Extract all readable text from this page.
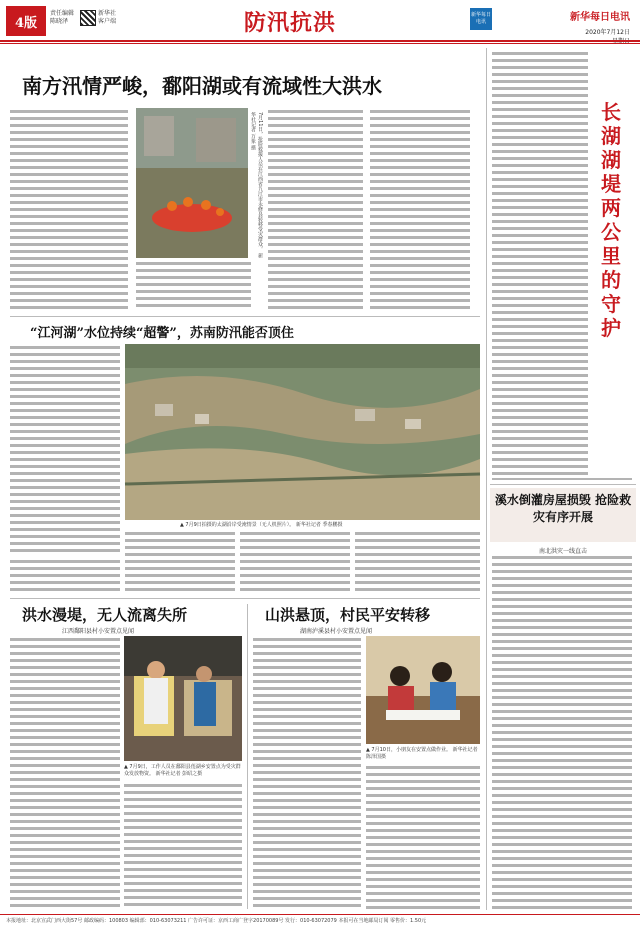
4版
责任编辑
陈晓泽
新华社
客户端	防汛抗洪	新华每日电讯	新华每日电讯
2020年7月12日
南方汛情严峻，鄱阳湖或有流域性大洪水
7月11日，抢险救援人员在江西省九江市永修县转移受灾群众。 新华社记者 万象 摄
“江河湖”水位持续“超警”，苏南防汛能否顶住
▲ 7月9日拍摄的太湖沿岸受淹情景（无人机照片）。 新华社记者 季春鹏摄
洪水漫堤，无人流离失所
江西鄱阳县村小安置点见闻
▲ 7月9日，工作人员在鄱阳县莲湖乡安置点为受灾群众发放物资。 新华社记者 彭昭之摄
山洪悬顶，村民平安转移
湖南泸溪县村小安置点见闻
▲ 7月10日，小朋友在安置点做作业。 新华社记者 陈泽国摄
长湖湖堤两公里的守护
溪水倒灌房屋损毁 抢险救灾有序开展
南北洪灾一线直击
本报地址：北京宣武门西大街57号 邮政编码：100803 编辑部：010-63073211 广告许可证：京西工商广登字20170089号 发行：010-63072079 本报可在当地邮局订阅 零售价：1.50元
